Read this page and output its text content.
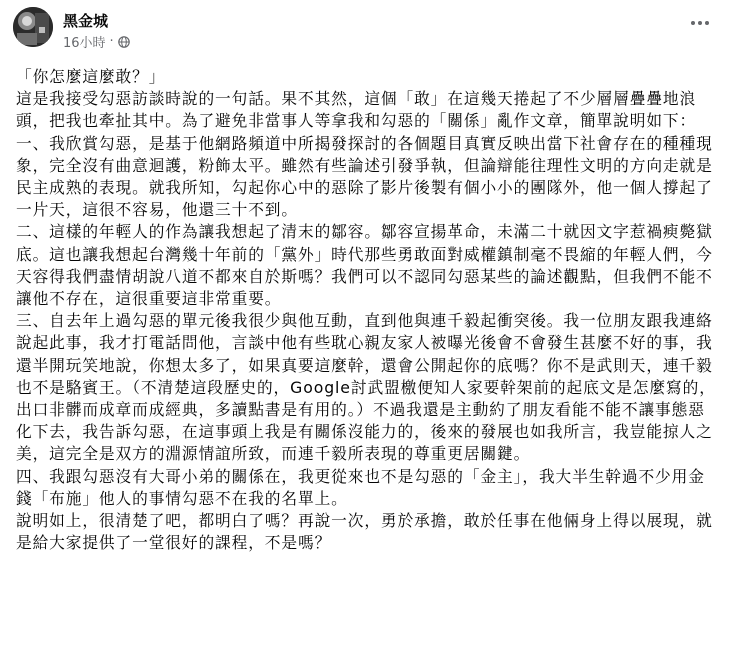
黑金城
16小時 ·

「你怎麼這麼敢？」

這是我接受勾惡訪談時說的一句話。果不其然，這個「敢」在這幾天捲起了不少層層疊疊地浪頭，把我也牽扯其中。為了避免非當事人等拿我和勾惡的「關係」亂作文章，簡單說明如下：

一、我欣賞勾惡，是基于他網路頻道中所揭發探討的各個題目真實反映出當下社會存在的種種現象，完全沒有曲意迴護，粉飾太平。雖然有些論述引發爭執，但論辯能往理性文明的方向走就是民主成熟的表現。就我所知，勾起你心中的惡除了影片後製有個小小的團隊外，他一個人撐起了一片天，這很不容易，他還三十不到。

二、這樣的年輕人的作為讓我想起了清末的鄒容。鄒容宣揚革命，未滿二十就因文字惹禍瘐斃獄底。這也讓我想起台灣幾十年前的「黨外」時代那些勇敢面對威權鎮制毫不畏縮的年輕人們，今天容得我們盡情胡說八道不都來自於斯嗎？我們可以不認同勾惡某些的論述觀點，但我們不能不讓他不存在，這很重要這非常重要。

三、自去年上過勾惡的單元後我很少與他互動，直到他與連千毅起衝突後。我一位朋友跟我連絡說起此事，我才打電話問他，言談中他有些耽心親友家人被曝光後會不會發生甚麼不好的事，我還半開玩笑地說，你想太多了，如果真要這麼幹，還會公開起你的底嗎？你不是武則天，連千毅也不是駱賓王。（不清楚這段歷史的，Google討武盟檄便知人家要幹架前的起底文是怎麼寫的，出口非髒而成章而成經典，多讀點書是有用的。）不過我還是主動約了朋友看能不能不讓事態惡化下去，我告訴勾惡，在這事頭上我是有關係沒能力的，後來的發展也如我所言，我豈能掠人之美，這完全是双方的淵源情誼所致，而連千毅所表現的尊重更居關鍵。

四、我跟勾惡沒有大哥小弟的關係在，我更從來也不是勾惡的「金主」，我大半生幹過不少用金錢「布施」他人的事情勾惡不在我的名單上。

說明如上，很清楚了吧，都明白了嗎？再說一次，勇於承擔，敢於任事在他倆身上得以展現，就是給大家提供了一堂很好的課程，不是嗎？
